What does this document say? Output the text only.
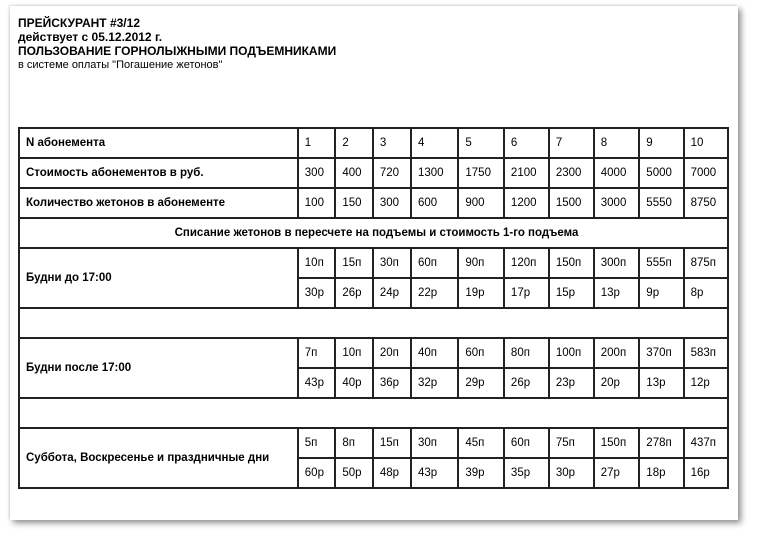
ПРЕЙСКУРАНТ #3/12
действует с 05.12.2012 г.
ПОЛЬЗОВАНИЕ ГОРНОЛЫЖНЫМИ ПОДЪЕМНИКАМИ
в системе оплаты "Погашение жетонов"
N абонемента	1	2	3	4	5	6	7	8	9	10
Стоимость абонементов в руб.	300	400	720	1300	1750	2100	2300	4000	5000	7000
Количество жетонов в абонементе	100	150	300	600	900	1200	1500	3000	5550	8750
Списание жетонов в пересчете на подъемы и стоимость 1-го подъема										
Будни до 17:00	10п	15п	30п	60п	90п	120п	150п	300п	555п	875п
	30р	26р	24р	22р	19р	17р	15р	13р	9р	8р

Будни после 17:00	7п	10п	20п	40п	60п	80п	100п	200п	370п	583п
	43р	40р	36р	32р	29р	26р	23р	20р	13р	12р

Суббота, Воскресенье и праздничные дни	5п	8п	15п	30п	45п	60п	75п	150п	278п	437п
	60р	50р	48р	43р	39р	35р	30р	27р	18р	16р
